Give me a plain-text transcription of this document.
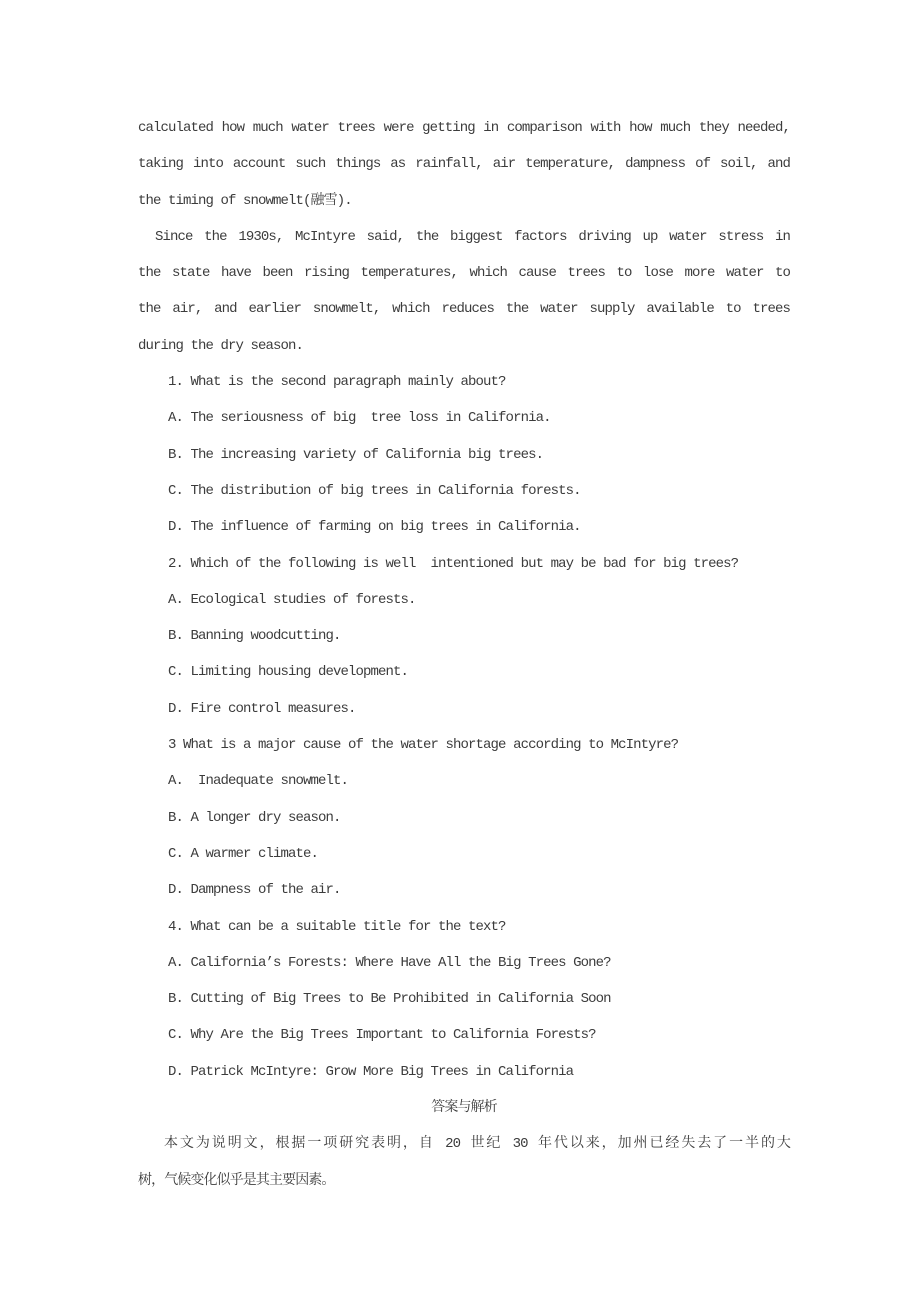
calculated how much water trees were getting in comparison with how much they needed,
taking into account such things as rainfall, air temperature, dampness of soil, and
the timing of snowmelt(融雪).
Since the 1930s, McIntyre said, the biggest factors driving up water stress in
the state have been rising temperatures, which cause trees to lose more water to
the air, and earlier snowmelt, which reduces the water supply available to trees
during the dry season.
1. What is the second paragraph mainly about?
A. The seriousness of big  tree loss in California.
B. The increasing variety of California big trees.
C. The distribution of big trees in California forests.
D. The influence of farming on big trees in California.
2. Which of the following is well  intentioned but may be bad for big trees?
A. Ecological studies of forests.
B. Banning woodcutting.
C. Limiting housing development.
D. Fire control measures.
3 What is a major cause of the water shortage according to McIntyre?
A.  Inadequate snowmelt.
B. A longer dry season.
C. A warmer climate.
D. Dampness of the air.
4. What can be a suitable title for the text?
A. California’s Forests: Where Have All the Big Trees Gone?
B. Cutting of Big Trees to Be Prohibited in California Soon
C. Why Are the Big Trees Important to California Forests?
D. Patrick McIntyre: Grow More Big Trees in California
答案与解析
本文为说明文，根据一项研究表明，自 20 世纪 30 年代以来，加州已经失去了一半的大
树，气候变化似乎是其主要因素。
